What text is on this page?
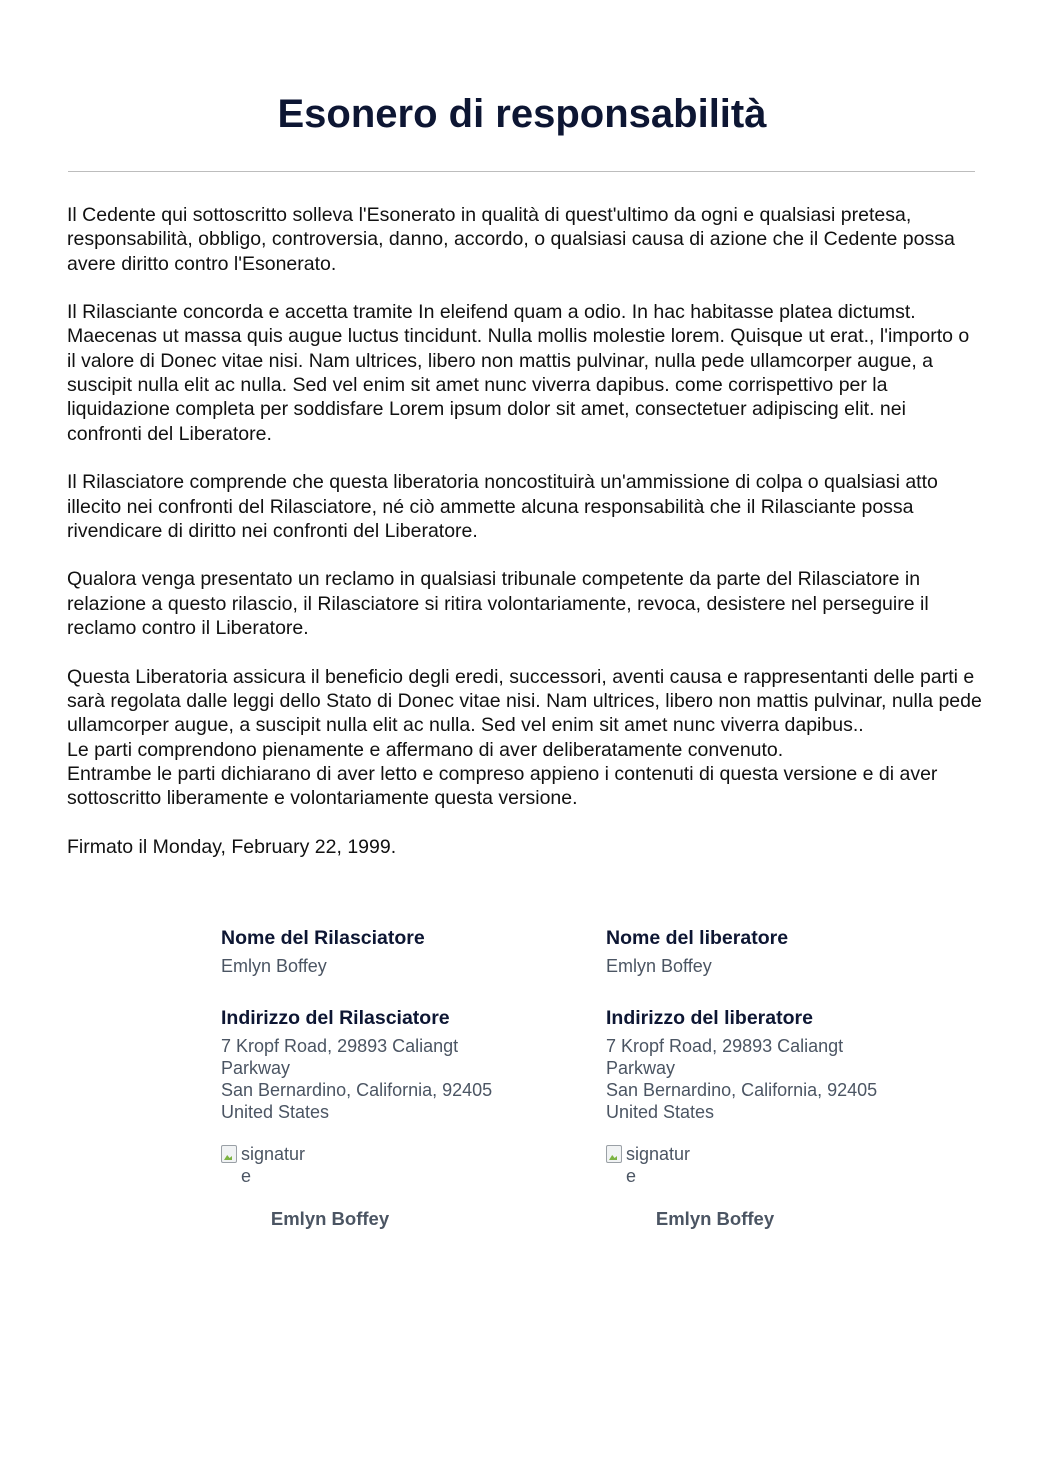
Esonero di responsabilità

Il Cedente qui sottoscritto solleva l'Esonerato in qualità di quest'ultimo da ogni e qualsiasi pretesa, responsabilità, obbligo, controversia, danno, accordo, o qualsiasi causa di azione che il Cedente possa avere diritto contro l'Esonerato.

Il Rilasciante concorda e accetta tramite In eleifend quam a odio. In hac habitasse platea dictumst. Maecenas ut massa quis augue luctus tincidunt. Nulla mollis molestie lorem. Quisque ut erat., l'importo o il valore di Donec vitae nisi. Nam ultrices, libero non mattis pulvinar, nulla pede ullamcorper augue, a suscipit nulla elit ac nulla. Sed vel enim sit amet nunc viverra dapibus. come corrispettivo per la liquidazione completa per soddisfare Lorem ipsum dolor sit amet, consectetuer adipiscing elit. nei confronti del Liberatore.

Il Rilasciatore comprende che questa liberatoria noncostituirà un'ammissione di colpa o qualsiasi atto illecito nei confronti del Rilasciatore, né ciò ammette alcuna responsabilità che il Rilasciante possa rivendicare di diritto nei confronti del Liberatore.

Qualora venga presentato un reclamo in qualsiasi tribunale competente da parte del Rilasciatore in relazione a questo rilascio, il Rilasciatore si ritira volontariamente, revoca, desistere nel perseguire il reclamo contro il Liberatore.

Questa Liberatoria assicura il beneficio degli eredi, successori, aventi causa e rappresentanti delle parti e sarà regolata dalle leggi dello Stato di Donec vitae nisi. Nam ultrices, libero non mattis pulvinar, nulla pede ullamcorper augue, a suscipit nulla elit ac nulla. Sed vel enim sit amet nunc viverra dapibus..

Le parti comprendono pienamente e affermano di aver deliberatamente convenuto.

Entrambe le parti dichiarano di aver letto e compreso appieno i contenuti di questa versione e di aver sottoscritto liberamente e volontariamente questa versione.

Firmato il Monday, February 22, 1999.

Nome del Rilasciatore
Emlyn Boffey
Indirizzo del Rilasciatore
7 Kropf Road, 29893 Caliangt
Parkway
San Bernardino, California, 92405
United States
signature
Emlyn Boffey
Nome del liberatore
Emlyn Boffey
Indirizzo del liberatore
7 Kropf Road, 29893 Caliangt
Parkway
San Bernardino, California, 92405
United States
signature
Emlyn Boffey
